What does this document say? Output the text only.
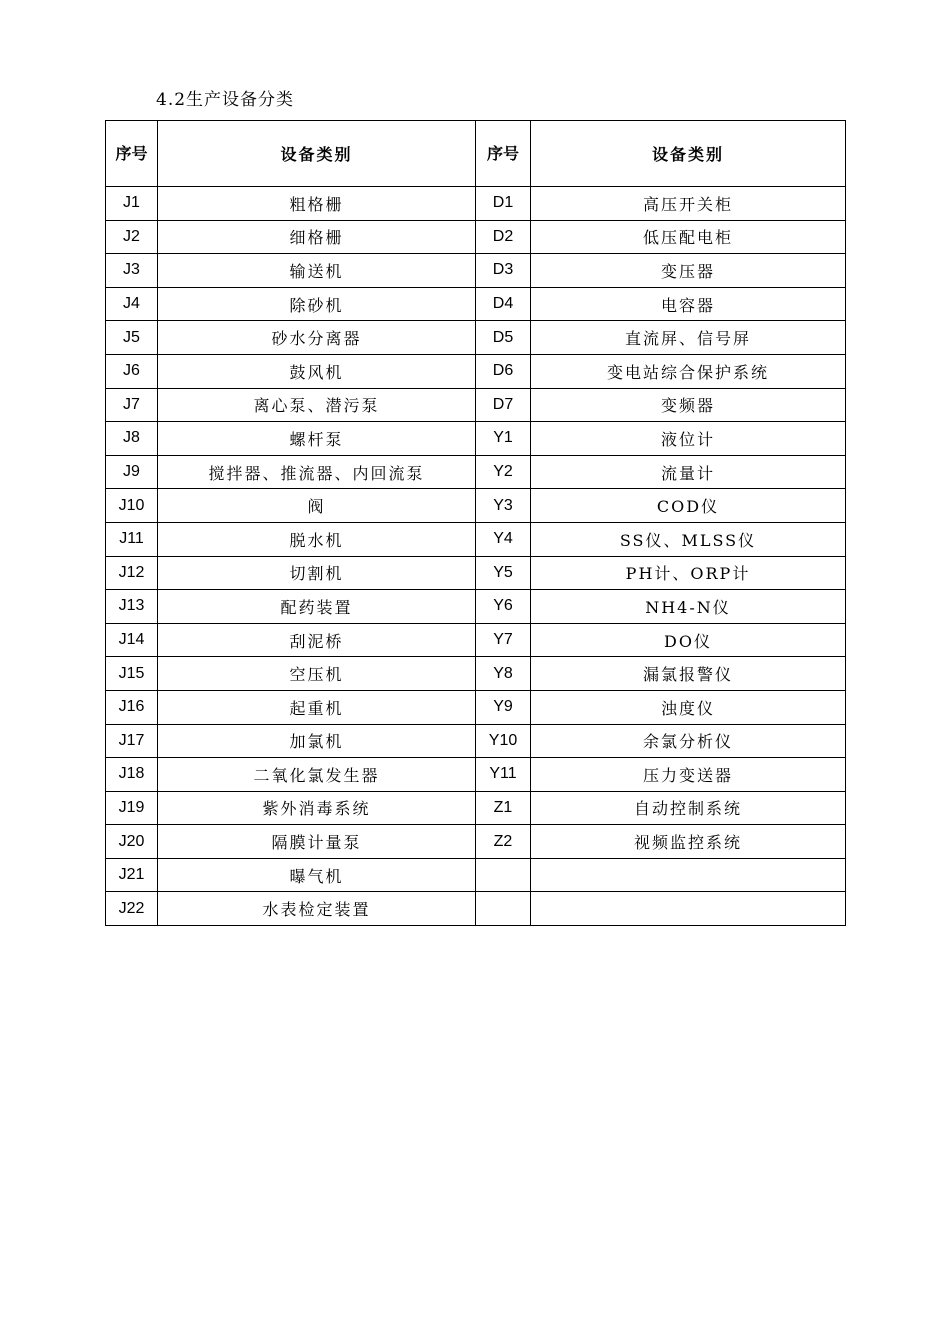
4.2生产设备分类
序号	设备类别	序号	设备类别
J1	粗格栅	D1	高压开关柜
J2	细格栅	D2	低压配电柜
J3	输送机	D3	变压器
J4	除砂机	D4	电容器
J5	砂水分离器	D5	直流屏、信号屏
J6	鼓风机	D6	变电站综合保护系统
J7	离心泵、潜污泵	D7	变频器
J8	螺杆泵	Y1	液位计
J9	搅拌器、推流器、内回流泵	Y2	流量计
J10	阀	Y3	COD仪
J11	脱水机	Y4	SS仪、MLSS仪
J12	切割机	Y5	PH计、ORP计
J13	配药装置	Y6	NH4-N仪
J14	刮泥桥	Y7	DO仪
J15	空压机	Y8	漏氯报警仪
J16	起重机	Y9	浊度仪
J17	加氯机	Y10	余氯分析仪
J18	二氧化氯发生器	Y11	压力变送器
J19	紫外消毒系统	Z1	自动控制系统
J20	隔膜计量泵	Z2	视频监控系统
J21	曝气机		
J22	水表检定装置		
